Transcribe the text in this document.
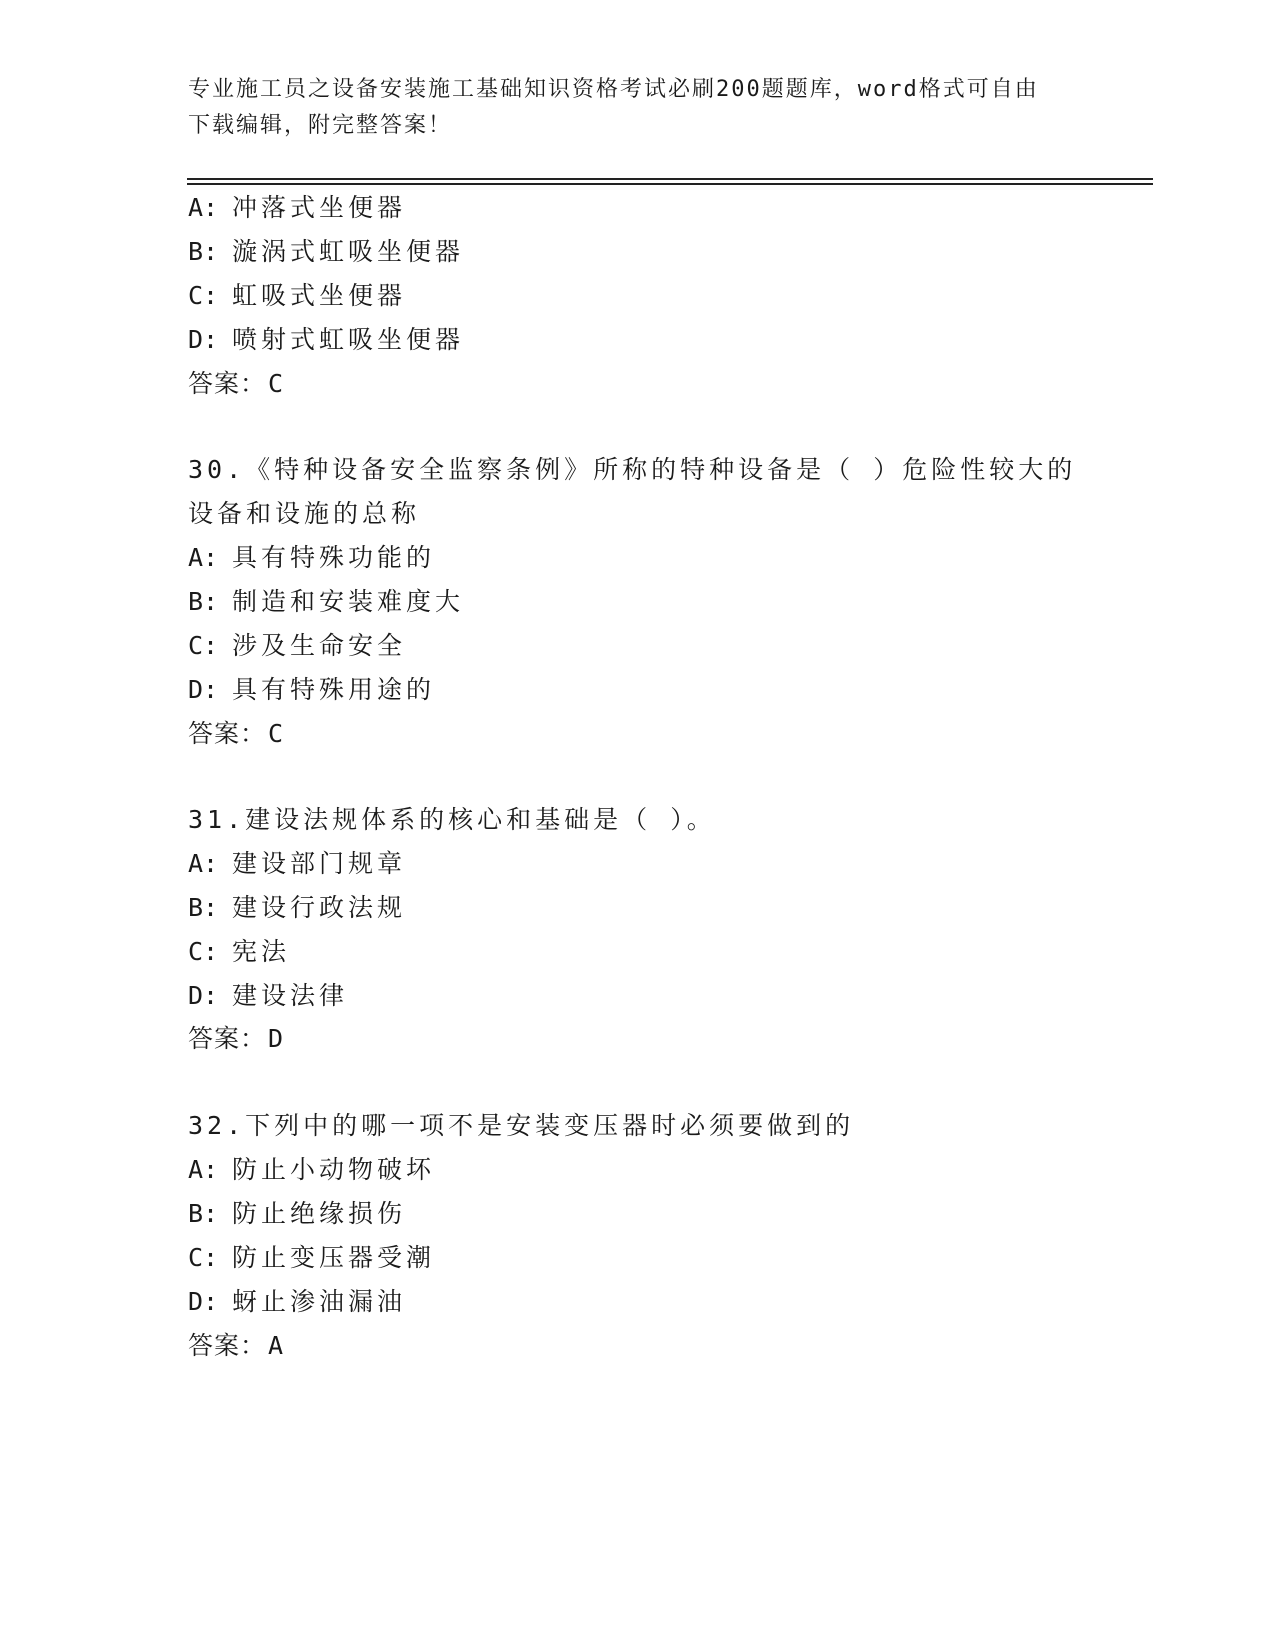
专业施工员之设备安装施工基础知识资格考试必刷200题题库，word格式可自由
下载编辑，附完整答案！
A: 冲落式坐便器
B: 漩涡式虹吸坐便器
C: 虹吸式坐便器
D: 喷射式虹吸坐便器
答案：C
30.《特种设备安全监察条例》所称的特种设备是（ ）危险性较大的
设备和设施的总称
A: 具有特殊功能的
B: 制造和安装难度大
C: 涉及生命安全
D: 具有特殊用途的
答案：C
31.建设法规体系的核心和基础是（ ）。
A: 建设部门规章
B: 建设行政法规
C: 宪法
D: 建设法律
答案：D
32.下列中的哪一项不是安装变压器时必须要做到的
A: 防止小动物破坏
B: 防止绝缘损伤
C: 防止变压器受潮
D: 蚜止渗油漏油
答案：A
